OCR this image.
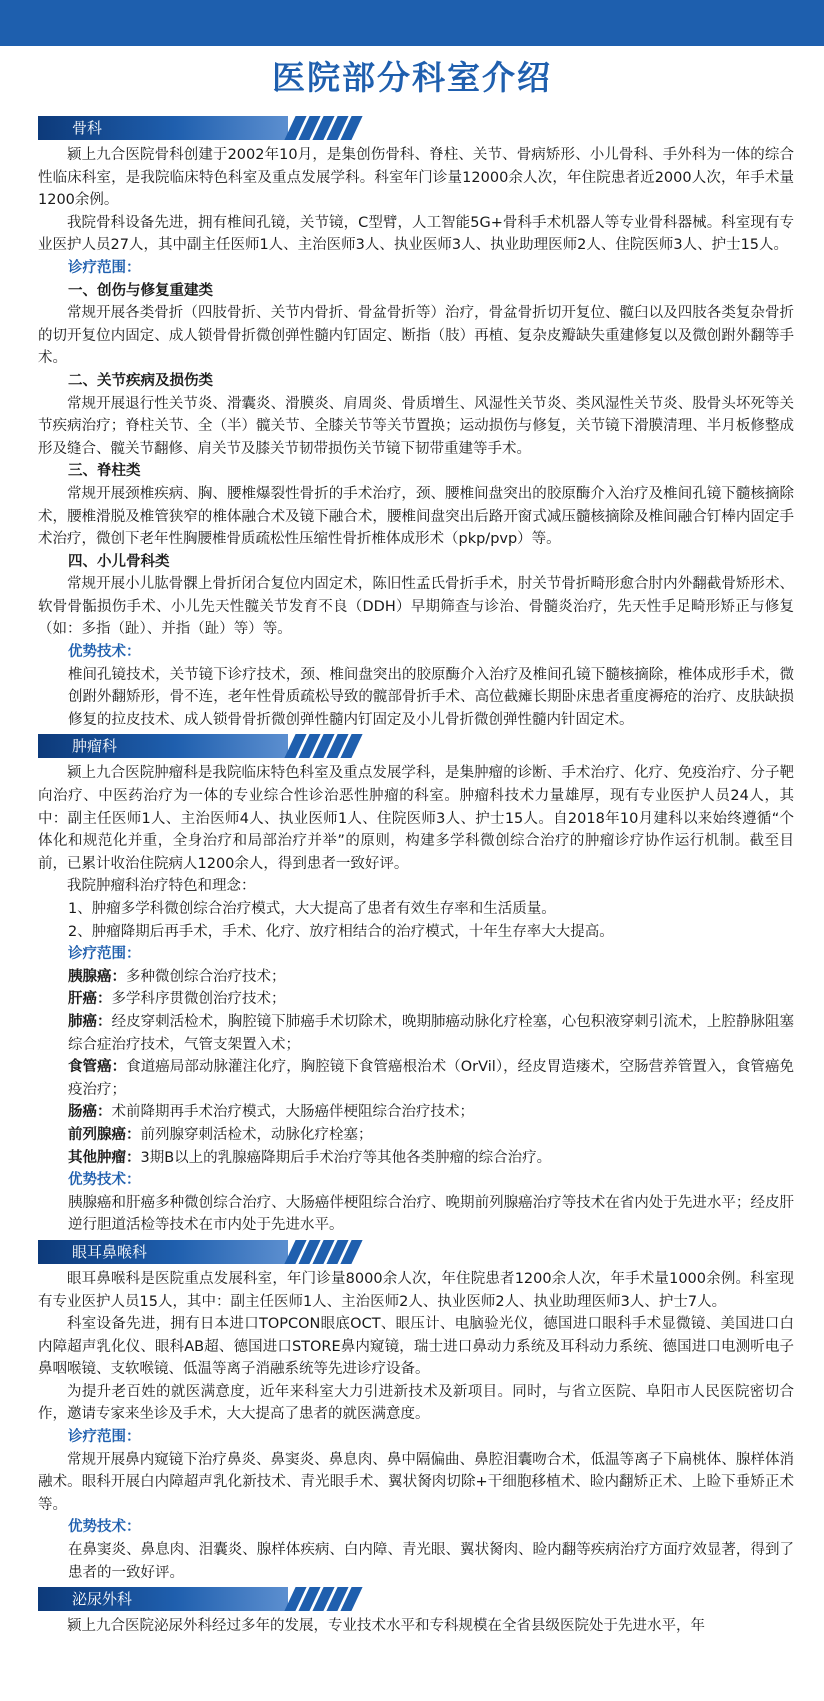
医院部分科室介绍
骨科
颍上九合医院骨科创建于2002年10月，是集创伤骨科、脊柱、关节、骨病矫形、小儿骨科、手外科为一体的综合性临床科室，是我院临床特色科室及重点发展学科。科室年门诊量12000余人次，年住院患者近2000人次，年手术量1200余例。
我院骨科设备先进，拥有椎间孔镜，关节镜，C型臂，人工智能5G+骨科手术机器人等专业骨科器械。科室现有专业医护人员27人，其中副主任医师1人、主治医师3人、执业医师3人、执业助理医师2人、住院医师3人、护士15人。
诊疗范围：
一、创伤与修复重建类
常规开展各类骨折（四肢骨折、关节内骨折、骨盆骨折等）治疗，骨盆骨折切开复位、髋臼以及四肢各类复杂骨折的切开复位内固定、成人锁骨骨折微创弹性髓内钉固定、断指（肢）再植、复杂皮瓣缺失重建修复以及微创跗外翻等手术。
二、关节疾病及损伤类
常规开展退行性关节炎、滑囊炎、滑膜炎、肩周炎、骨质增生、风湿性关节炎、类风湿性关节炎、股骨头坏死等关节疾病治疗；脊柱关节、全（半）髋关节、全膝关节等关节置换；运动损伤与修复，关节镜下滑膜清理、半月板修整成形及缝合、髋关节翻修、肩关节及膝关节韧带损伤关节镜下韧带重建等手术。
三、脊柱类
常规开展颈椎疾病、胸、腰椎爆裂性骨折的手术治疗，颈、腰椎间盘突出的胶原酶介入治疗及椎间孔镜下髓核摘除术，腰椎滑脱及椎管狭窄的椎体融合术及镜下融合术，腰椎间盘突出后路开窗式减压髓核摘除及椎间融合钉棒内固定手术治疗，微创下老年性胸腰椎骨质疏松性压缩性骨折椎体成形术（pkp/pvp）等。
四、小儿骨科类
常规开展小儿肱骨髁上骨折闭合复位内固定术，陈旧性孟氏骨折手术，肘关节骨折畸形愈合肘内外翻截骨矫形术、软骨骨骺损伤手术、小儿先天性髋关节发育不良（DDH）早期筛查与诊治、骨髓炎治疗，先天性手足畸形矫正与修复（如：多指（趾）、并指（趾）等）等。
优势技术：
椎间孔镜技术，关节镜下诊疗技术，颈、椎间盘突出的胶原酶介入治疗及椎间孔镜下髓核摘除，椎体成形手术，微创跗外翻矫形，骨不连，老年性骨质疏松导致的髋部骨折手术、高位截瘫长期卧床患者重度褥疮的治疗、皮肤缺损修复的拉皮技术、成人锁骨骨折微创弹性髓内钉固定及小儿骨折微创弹性髓内针固定术。
肿瘤科
颍上九合医院肿瘤科是我院临床特色科室及重点发展学科，是集肿瘤的诊断、手术治疗、化疗、免疫治疗、分子靶向治疗、中医药治疗为一体的专业综合性诊治恶性肿瘤的科室。肿瘤科技术力量雄厚，现有专业医护人员24人，其中：副主任医师1人、主治医师4人、执业医师1人、住院医师3人、护士15人。自2018年10月建科以来始终遵循“个体化和规范化并重，全身治疗和局部治疗并举”的原则，构建多学科微创综合治疗的肿瘤诊疗协作运行机制。截至目前，已累计收治住院病人1200余人，得到患者一致好评。
我院肿瘤科治疗特色和理念：
1、肿瘤多学科微创综合治疗模式，大大提高了患者有效生存率和生活质量。
2、肿瘤降期后再手术，手术、化疗、放疗相结合的治疗模式，十年生存率大大提高。
诊疗范围：
胰腺癌：多种微创综合治疗技术；
肝癌：多学科序贯微创治疗技术；
肺癌：经皮穿刺活检术，胸腔镜下肺癌手术切除术，晚期肺癌动脉化疗栓塞，心包积液穿刺引流术，上腔静脉阻塞综合症治疗技术，气管支架置入术；
食管癌：食道癌局部动脉灌注化疗，胸腔镜下食管癌根治术（OrVil），经皮胃造瘘术，空肠营养管置入，食管癌免疫治疗；
肠癌：术前降期再手术治疗模式，大肠癌伴梗阻综合治疗技术；
前列腺癌：前列腺穿刺活检术，动脉化疗栓塞；
其他肿瘤：3期B以上的乳腺癌降期后手术治疗等其他各类肿瘤的综合治疗。
优势技术：
胰腺癌和肝癌多种微创综合治疗、大肠癌伴梗阻综合治疗、晚期前列腺癌治疗等技术在省内处于先进水平；经皮肝逆行胆道活检等技术在市内处于先进水平。
眼耳鼻喉科
眼耳鼻喉科是医院重点发展科室，年门诊量8000余人次，年住院患者1200余人次，年手术量1000余例。科室现有专业医护人员15人，其中：副主任医师1人、主治医师2人、执业医师2人、执业助理医师3人、护士7人。
科室设备先进，拥有日本进口TOPCON眼底OCT、眼压计、电脑验光仪，德国进口眼科手术显微镜、美国进口白内障超声乳化仪、眼科AB超、德国进口STORE鼻内窥镜，瑞士进口鼻动力系统及耳科动力系统、德国进口电测听电子鼻咽喉镜、支软喉镜、低温等离子消融系统等先进诊疗设备。
为提升老百姓的就医满意度，近年来科室大力引进新技术及新项目。同时，与省立医院、阜阳市人民医院密切合作，邀请专家来坐诊及手术，大大提高了患者的就医满意度。
诊疗范围：
常规开展鼻内窥镜下治疗鼻炎、鼻窦炎、鼻息肉、鼻中隔偏曲、鼻腔泪囊吻合术，低温等离子下扁桃体、腺样体消融术。眼科开展白内障超声乳化新技术、青光眼手术、翼状胬肉切除+干细胞移植术、睑内翻矫正术、上睑下垂矫正术等。
优势技术：
在鼻窦炎、鼻息肉、泪囊炎、腺样体疾病、白内障、青光眼、翼状胬肉、睑内翻等疾病治疗方面疗效显著，得到了患者的一致好评。
泌尿外科
颍上九合医院泌尿外科经过多年的发展，专业技术水平和专科规模在全省县级医院处于先进水平，年
